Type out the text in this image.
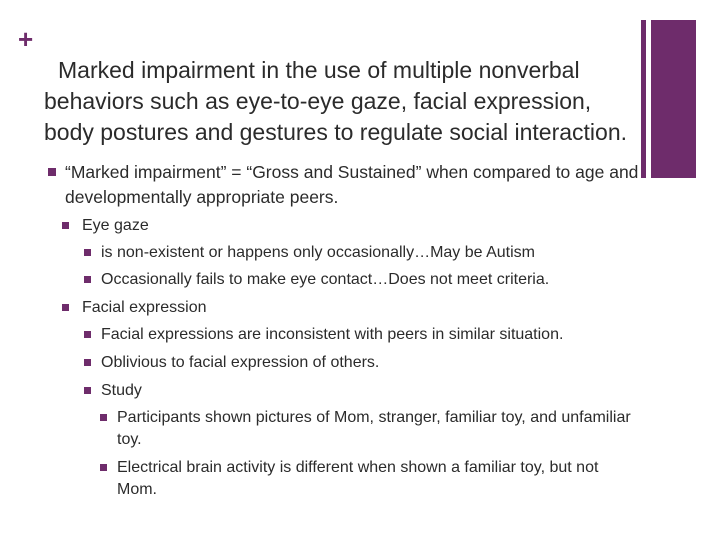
+
Marked impairment in the use of multiple nonverbal behaviors such as eye-to-eye gaze, facial expression, body postures and gestures to regulate social interaction.
“Marked impairment” = “Gross and Sustained” when compared to age and developmentally appropriate peers.
Eye gaze
is non-existent or happens only occasionally…May be Autism
Occasionally fails to make eye contact…Does not meet criteria.
Facial expression
Facial expressions are inconsistent with peers in similar situation.
Oblivious to facial expression of others.
Study
Participants shown pictures of Mom, stranger, familiar toy, and unfamiliar toy.
Electrical brain activity is different when shown a familiar toy, but not Mom.
